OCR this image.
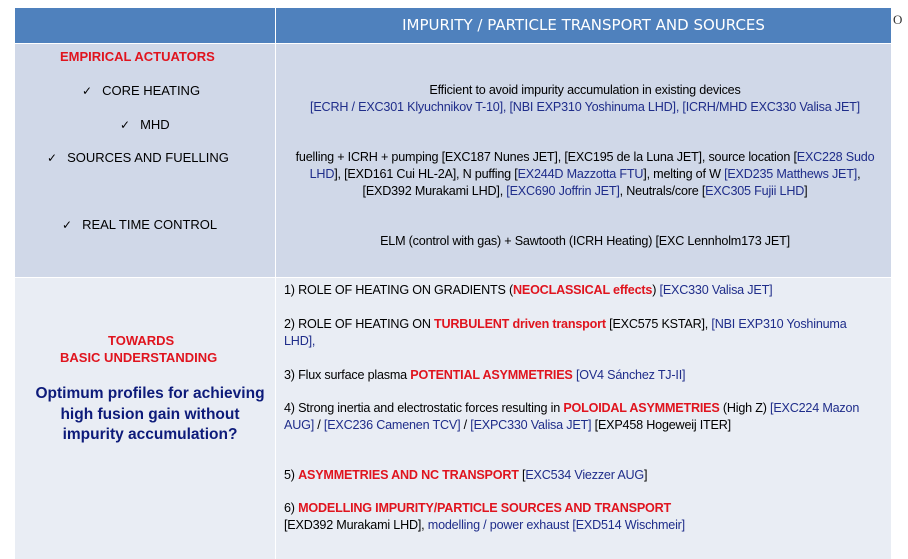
IMPURITY / PARTICLE TRANSPORT AND SOURCES	O
EMPIRICAL ACTUATORS
✓ CORE HEATING
✓ MHD
✓ SOURCES AND FUELLING
✓ REAL TIME CONTROL
TOWARDS
BASIC UNDERSTANDING
Optimum profiles for achieving high fusion gain without impurity accumulation?
Efficient to avoid impurity accumulation in existing devices
[ECRH / EXC301 Klyuchnikov T-10], [NBI EXP310 Yoshinuma LHD], [ICRH/MHD EXC330 Valisa JET]
fuelling + ICRH + pumping [EXC187 Nunes JET], [EXC195 de la Luna JET], source location [EXC228 Sudo LHD], [EXD161 Cui HL-2A], N puffing [EX244D Mazzotta FTU], melting of W [EXD235 Matthews JET], [EXD392 Murakami LHD], [EXC690 Joffrin JET], Neutrals/core [EXC305 Fujii LHD]
ELM (control with gas) + Sawtooth (ICRH Heating) [EXC Lennholm173 JET]
1) ROLE OF HEATING ON GRADIENTS (NEOCLASSICAL effects) [EXC330 Valisa JET]
2) ROLE OF HEATING ON TURBULENT driven transport [EXC575 KSTAR], [NBI EXP310 Yoshinuma LHD],
3) Flux surface plasma POTENTIAL ASYMMETRIES [OV4 Sánchez TJ-II]
4) Strong inertia and electrostatic forces resulting in POLOIDAL ASYMMETRIES (High Z) [EXC224 Mazon AUG] / [EXC236 Camenen TCV] / [EXPC330 Valisa JET] [EXP458 Hogeweij ITER]
5) ASYMMETRIES AND NC TRANSPORT [EXC534 Viezzer AUG]
6) MODELLING IMPURITY/PARTICLE SOURCES AND TRANSPORT
[EXD392 Murakami LHD], modelling / power exhaust [EXD514 Wischmeir]
